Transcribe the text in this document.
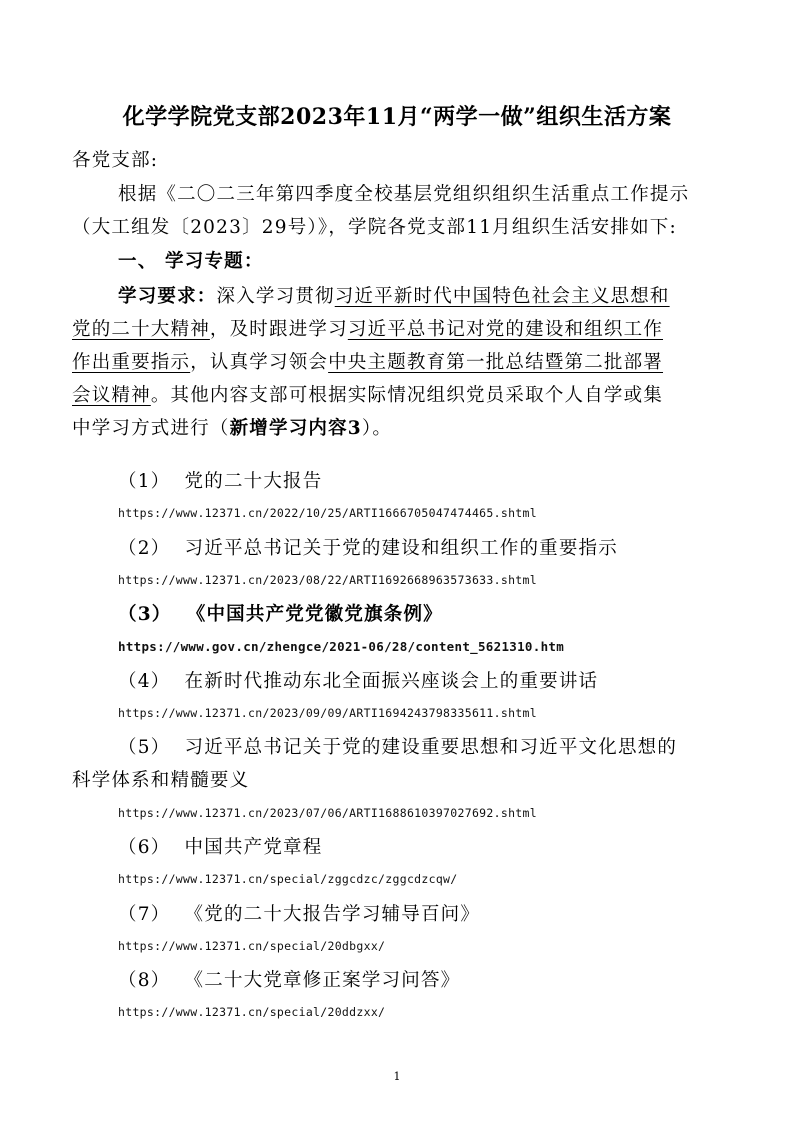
化学学院党支部2023年11月“两学一做”组织生活方案
各党支部:
根据《二〇二三年第四季度全校基层党组织组织生活重点工作提示
（大工组发〔2023〕29号）》，学院各党支部11月组织生活安排如下:
一、 学习专题：
学习要求：深入学习贯彻习近平新时代中国特色社会主义思想和
党的二十大精神，及时跟进学习习近平总书记对党的建设和组织工作
作出重要指示，认真学习领会中央主题教育第一批总结暨第二批部署
会议精神。其他内容支部可根据实际情况组织党员采取个人自学或集
中学习方式进行（新增学习内容3）。
（1） 党的二十大报告
https://www.12371.cn/2022/10/25/ARTI1666705047474465.shtml
（2） 习近平总书记关于党的建设和组织工作的重要指示
https://www.12371.cn/2023/08/22/ARTI1692668963573633.shtml
（3） 《中国共产党党徽党旗条例》
https://www.gov.cn/zhengce/2021-06/28/content_5621310.htm
（4） 在新时代推动东北全面振兴座谈会上的重要讲话
https://www.12371.cn/2023/09/09/ARTI1694243798335611.shtml
（5） 习近平总书记关于党的建设重要思想和习近平文化思想的
科学体系和精髓要义
https://www.12371.cn/2023/07/06/ARTI1688610397027692.shtml
（6） 中国共产党章程
https://www.12371.cn/special/zggcdzc/zggcdzcqw/
（7） 《党的二十大报告学习辅导百问》
https://www.12371.cn/special/20dbgxx/
（8） 《二十大党章修正案学习问答》
https://www.12371.cn/special/20ddzxx/
1
